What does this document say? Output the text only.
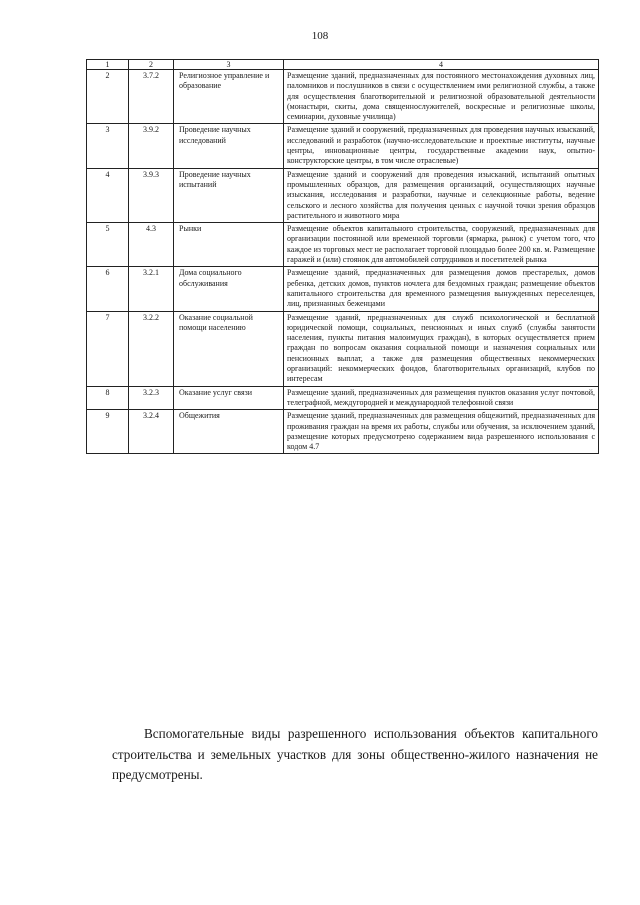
108
1	2	3	4
2	3.7.2	Религиозное управление и образование	Размещение зданий, предназначенных для постоянного местонахождения духовных лиц, паломников и послушников в связи с осуществлением ими религиозной службы, а также для осуществления благотворительной и религиозной образовательной деятельности (монастыри, скиты, дома священнослужителей, воскресные и религиозные школы, семинарии, духовные училища)
3	3.9.2	Проведение научных исследований	Размещение зданий и сооружений, предназначенных для проведения научных изысканий, исследований и разработок (научно-исследовательские и проектные институты, научные центры, инновационные центры, государственные академии наук, опытно-конструкторские центры, в том числе отраслевые)
4	3.9.3	Проведение научных испытаний	Размещение зданий и сооружений для проведения изысканий, испытаний опытных промышленных образцов, для размещения организаций, осуществляющих научные изыскания, исследования и разработки, научные и селекционные работы, ведение сельского и лесного хозяйства для получения ценных с научной точки зрения образцов растительного и животного мира
5	4.3	Рынки	Размещение объектов капитального строительства, сооружений, предназначенных для организации постоянной или временной торговли (ярмарка, рынок) с учетом того, что каждое из торговых мест не располагает торговой площадью более 200 кв. м. Размещение гаражей и (или) стоянок для автомобилей сотрудников и посетителей рынка
6	3.2.1	Дома социального обслуживания	Размещение зданий, предназначенных для размещения домов престарелых, домов ребенка, детских домов, пунктов ночлега для бездомных граждан; размещение объектов капитального строительства для временного размещения вынужденных переселенцев, лиц, признанных беженцами
7	3.2.2	Оказание социальной помощи населению	Размещение зданий, предназначенных для служб психологической и бесплатной юридической помощи, социальных, пенсионных и иных служб (службы занятости населения, пункты питания малоимущих граждан), в которых осуществляется прием граждан по вопросам оказания социальной помощи и назначения социальных или пенсионных выплат, а также для размещения общественных некоммерческих организаций: некоммерческих фондов, благотворительных организаций, клубов по интересам
8	3.2.3	Оказание услуг связи	Размещение зданий, предназначенных для размещения пунктов оказания услуг почтовой, телеграфной, междугородней и международной телефонной связи
9	3.2.4	Общежития	Размещение зданий, предназначенных для размещения общежитий, предназначенных для проживания граждан на время их работы, службы или обучения, за исключением зданий, размещение которых предусмотрено содержанием вида разрешенного использования с кодом 4.7

Вспомогательные виды разрешенного использования объектов капитального строительства и земельных участков для зоны общественно-жилого назначения не предусмотрены.
